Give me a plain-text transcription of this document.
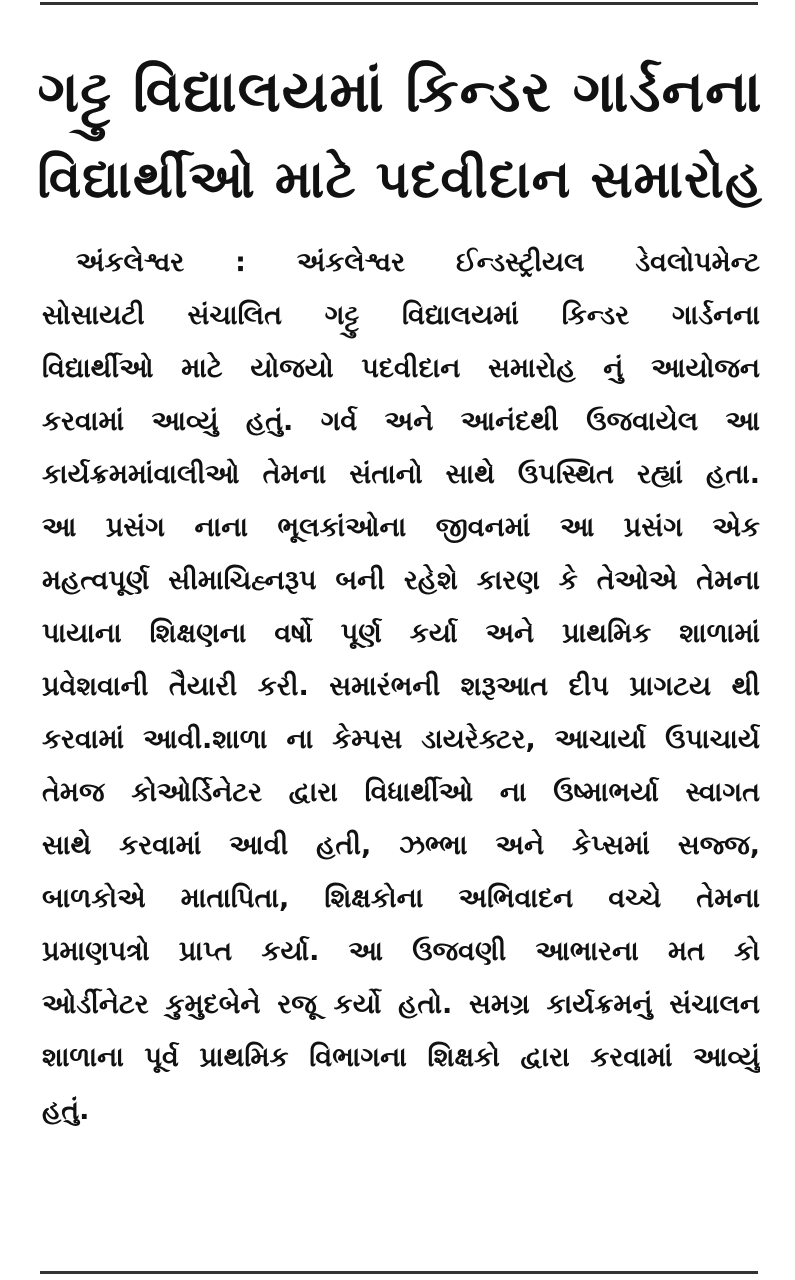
ગટ્ટુ વિદ્યાલયમાં કિન્ડર ગાર્ડનના
વિદ્યાર્થીઓ માટે પદવીદાન સમારોહ
અંકલેશ્વર : અંકલેશ્વર ઈન્ડસ્ટ્રીયલ ડેવલોપમેન્ટ
સોસાયટી સંચાલિત ગટ્ટુ વિદ્યાલયમાં કિન્ડર ગાર્ડનના
વિદ્યાર્થીઓ માટે યોજયો પદવીદાન સમારોહ નું આયોજન
કરવામાં આવ્યું હતું. ગર્વ અને આનંદથી ઉજવાયેલ આ
કાર્યક્રમમાંવાલીઓ તેમના સંતાનો સાથે ઉપસ્થિત રહ્યાં હતા.
આ પ્રસંગ નાના ભૂલકાંઓના જીવનમાં આ પ્રસંગ એક
મહત્વપૂર્ણ સીમાચિહ્નરૂપ બની રહેશે કારણ કે તેઓએ તેમના
પાયાના શિક્ષણના વર્ષો પૂર્ણ કર્યા અને પ્રાથમિક શાળામાં
પ્રવેશવાની તૈયારી કરી. સમારંભની શરૂઆત દીપ પ્રાગટય થી
કરવામાં આવી.શાળા ના કેમ્પસ ડાયરેક્ટર, આચાર્યા ઉપાચાર્ય
તેમજ કોઓર્ડિનેટર દ્વારા વિધાર્થીઓ ના ઉષ્માભર્યા સ્વાગત
સાથે કરવામાં આવી હતી, ઝભ્ભા અને કેપ્સમાં સજ્જ,
બાળકોએ માતાપિતા, શિક્ષકોના અભિવાદન વચ્ચે તેમના
પ્રમાણપત્રો પ્રાપ્ત કર્યા. આ ઉજવણી આભારના મત કો
ઓર્ડીનેટર કુમુદબેને રજૂ કર્યો હતો. સમગ્ર કાર્યક્રમનું સંચાલન
શાળાના પૂર્વ પ્રાથમિક વિભાગના શિક્ષકો દ્વારા કરવામાં આવ્યું
હતું.
